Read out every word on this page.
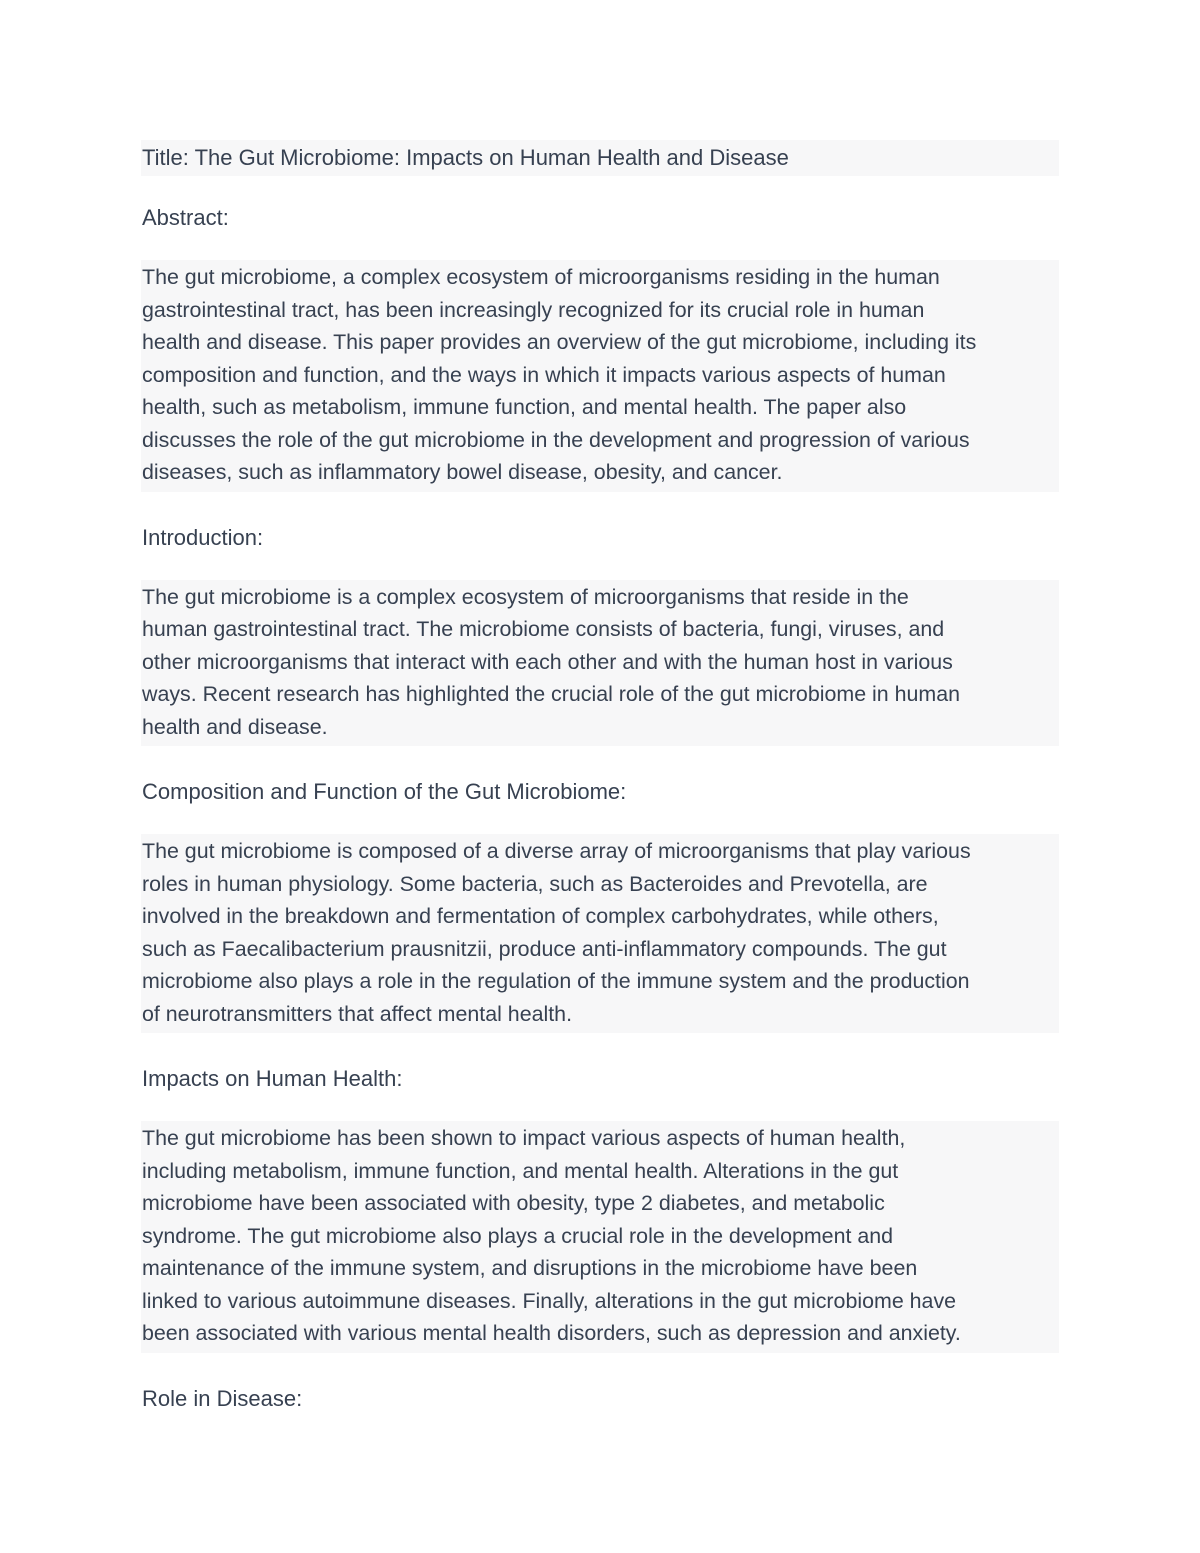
Title: The Gut Microbiome: Impacts on Human Health and Disease
Abstract:
The gut microbiome, a complex ecosystem of microorganisms residing in the human
gastrointestinal tract, has been increasingly recognized for its crucial role in human
health and disease. This paper provides an overview of the gut microbiome, including its
composition and function, and the ways in which it impacts various aspects of human
health, such as metabolism, immune function, and mental health. The paper also
discusses the role of the gut microbiome in the development and progression of various
diseases, such as inflammatory bowel disease, obesity, and cancer.
Introduction:
The gut microbiome is a complex ecosystem of microorganisms that reside in the
human gastrointestinal tract. The microbiome consists of bacteria, fungi, viruses, and
other microorganisms that interact with each other and with the human host in various
ways. Recent research has highlighted the crucial role of the gut microbiome in human
health and disease.
Composition and Function of the Gut Microbiome:
The gut microbiome is composed of a diverse array of microorganisms that play various
roles in human physiology. Some bacteria, such as Bacteroides and Prevotella, are
involved in the breakdown and fermentation of complex carbohydrates, while others,
such as Faecalibacterium prausnitzii, produce anti-inflammatory compounds. The gut
microbiome also plays a role in the regulation of the immune system and the production
of neurotransmitters that affect mental health.
Impacts on Human Health:
The gut microbiome has been shown to impact various aspects of human health,
including metabolism, immune function, and mental health. Alterations in the gut
microbiome have been associated with obesity, type 2 diabetes, and metabolic
syndrome. The gut microbiome also plays a crucial role in the development and
maintenance of the immune system, and disruptions in the microbiome have been
linked to various autoimmune diseases. Finally, alterations in the gut microbiome have
been associated with various mental health disorders, such as depression and anxiety.
Role in Disease:
